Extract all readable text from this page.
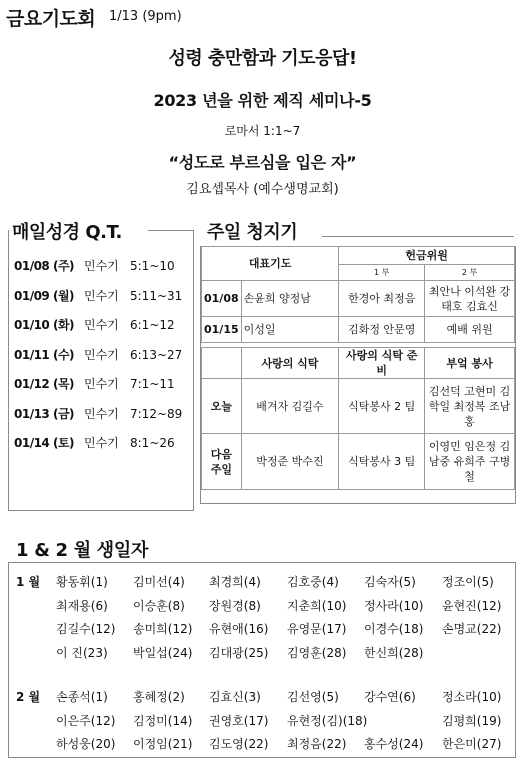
금요기도회 1/13 (9pm)
성령 충만함과 기도응답!
2023 년을 위한 제직 세미나-5
로마서 1:1~7
“성도로 부르심을 입은 자”
김요셉목사 (예수생명교회)
매일성경 Q.T.
01/08 (주) 민수기 5:1~10
01/09 (월) 민수기 5:11~31
01/10 (화) 민수기 6:1~12
01/11 (수) 민수기 6:13~27
01/12 (목) 민수기 7:1~11
01/13 (금) 민수기 7:12~89
01/14 (토) 민수기 8:1~26
주일 청지기
대표기도		헌금위원	
		1 부	2 부
01/08	손윤희 양정남	한경아 최정음	최안나 이석완 강태호 김효신
01/15	이성일	김화정 안문영	예배 위원

	사랑의 식탁	사랑의 식탁 준비	부엌 봉사
오늘	배겨자 김길수	식탁봉사 2 팀	김선덕 고현미 김학일 최정복 조남홍
다음 주일	박정준 박수진	식탁봉사 3 팀	이영민 임은정 김남중 유희주 구병철
1 & 2 월 생일자
1 월 황동휘(1) 김미선(4) 최경희(4) 김호중(4) 김숙자(5) 정조이(5)
최재용(6) 이승훈(8) 장원경(8) 지춘희(10) 정사라(10) 윤현진(12)
김길수(12) 송미희(12) 유현애(16) 유영문(17) 이경수(18) 손명교(22)
이 진(23) 박일섭(24) 김대광(25) 김영훈(28) 한신희(28)
2 월 손종석(1) 홍혜정(2) 김효신(3) 김선영(5) 강수연(6) 정소라(10)
이은주(12) 김정미(14) 권영호(17) 유현정(김)(18)	김평희(19)
하성웅(20) 이정임(21) 김도영(22) 최정음(22) 홍수성(24) 한은미(27)
